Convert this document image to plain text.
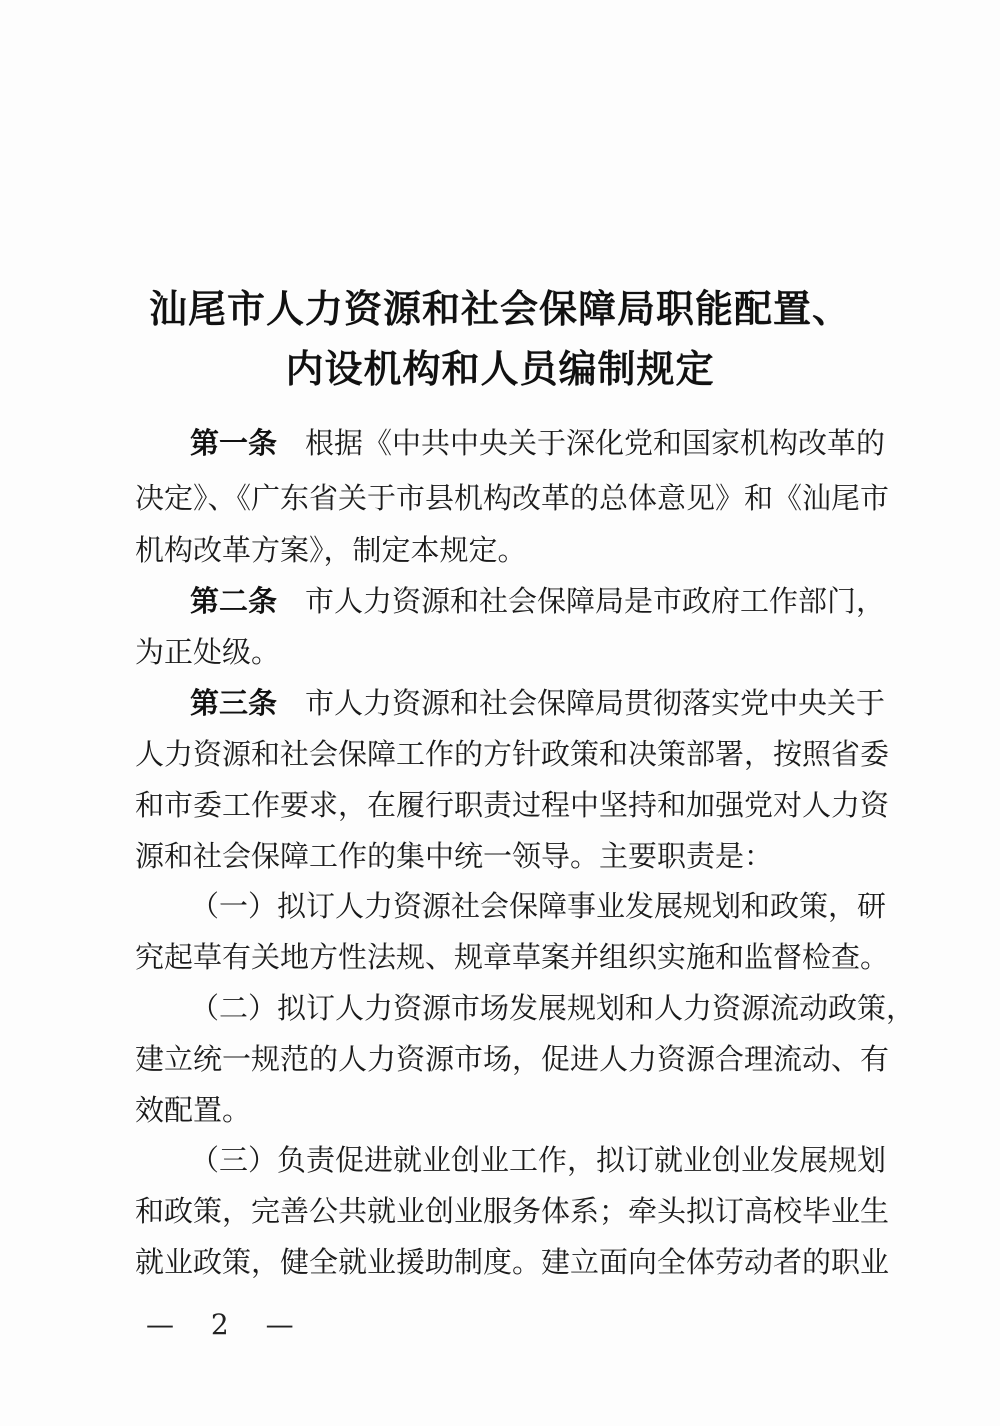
汕尾市人力资源和社会保障局职能配置、
内设机构和人员编制规定
第一条 根据《中共中央关于深化党和国家机构改革的
决定》、《广东省关于市县机构改革的总体意见》和《汕尾市
机构改革方案》，制定本规定。
第二条 市人力资源和社会保障局是市政府工作部门，
为正处级。
第三条 市人力资源和社会保障局贯彻落实党中央关于
人力资源和社会保障工作的方针政策和决策部署，按照省委
和市委工作要求，在履行职责过程中坚持和加强党对人力资
源和社会保障工作的集中统一领导。主要职责是：
（一）拟订人力资源社会保障事业发展规划和政策，研
究起草有关地方性法规、规章草案并组织实施和监督检查。
（二）拟订人力资源市场发展规划和人力资源流动政策，
建立统一规范的人力资源市场，促进人力资源合理流动、有
效配置。
（三）负责促进就业创业工作，拟订就业创业发展规划
和政策，完善公共就业创业服务体系；牵头拟订高校毕业生
就业政策，健全就业援助制度。建立面向全体劳动者的职业
— 2 —
